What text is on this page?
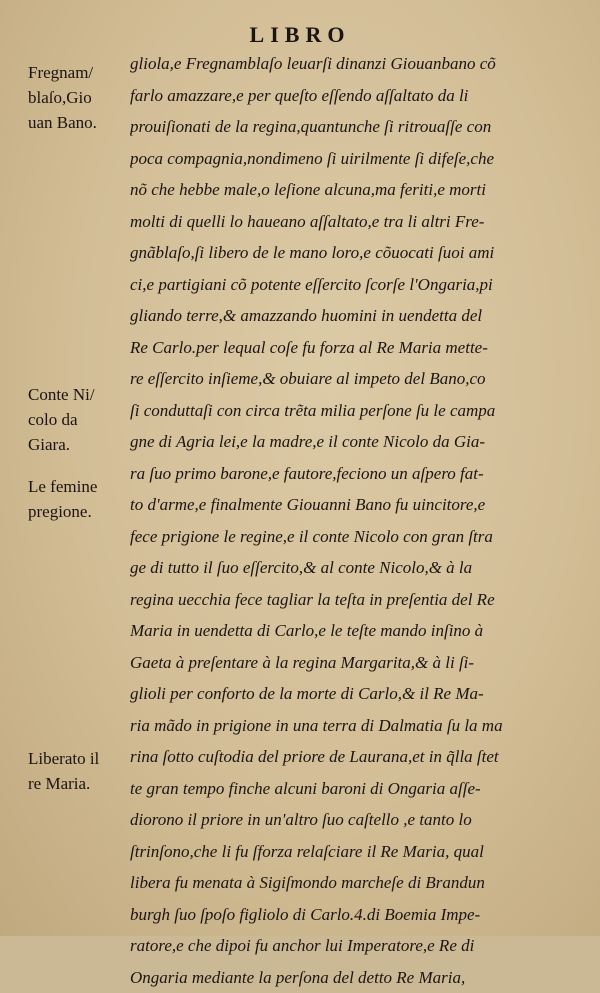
LIBRO
Fregnam/
blaſo,Gio
uan Bano.
Conte Ni/
colo da
Giara.
Le femine
pregione.
Liberato il
re Maria.
gliola,e Fregnamblaſo leuarſi dinanzi Giouanbano cõ
farlo amazzare,e per queſto eſſendo aſſaltato da li
prouiſionati de la regina,quantunche ſi ritrouaſſe con
poca compagnia,nondimeno ſi uirilmente ſi difeſe,che
nõ che hebbe male,o leſione alcuna,ma feriti,e morti
molti di quelli lo haueano aſſaltato,e tra li altri Fre-
gnãblaſo,ſi libero de le mano loro,e cõuocati ſuoi ami
ci,e partigiani cõ potente eſſercito ſcorſe l'Ongaria,pi
gliando terre,& amazzando huomini in uendetta del
Re Carlo.per lequal coſe fu forza al Re Maria mette-
re eſſercito inſieme,& obuiare al impeto del Bano,co
ſi conduttaſi con circa trẽta milia perſone ſu le campa
gne di Agria lei,e la madre,e il conte Nicolo da Gia-
ra ſuo primo barone,e fautore,feciono un aſpero fat-
to d'arme,e finalmente Giouanni Bano fu uincitore,e
fece prigione le regine,e il conte Nicolo con gran ſtra
ge di tutto il ſuo eſſercito,& al conte Nicolo,& à la
regina uecchia fece tagliar la teſta in preſentia del Re
Maria in uendetta di Carlo,e le teſte mando inſino à
Gaeta à preſentare à la regina Margarita,& à li ſi-
glioli per conforto de la morte di Carlo,& il Re Ma-
ria mãdo in prigione in una terra di Dalmatia ſu la ma
rina ſotto cuſtodia del priore de Laurana,et in q̃lla ſtet
te gran tempo finche alcuni baroni di Ongaria aſſe-
diorono il priore in un'altro ſuo caſtello ,e tanto lo
ſtrinſono,che li fu ſforza relaſciare il Re Maria, qual
libera fu menata à Sigiſmondo marcheſe di Brandun
burgh ſuo ſpoſo figliolo di Carlo.4.di Boemia Impe-
ratore,e che dipoi fu anchor lui Imperatore,e Re di
Ongaria mediante la perſona del detto Re Maria,
